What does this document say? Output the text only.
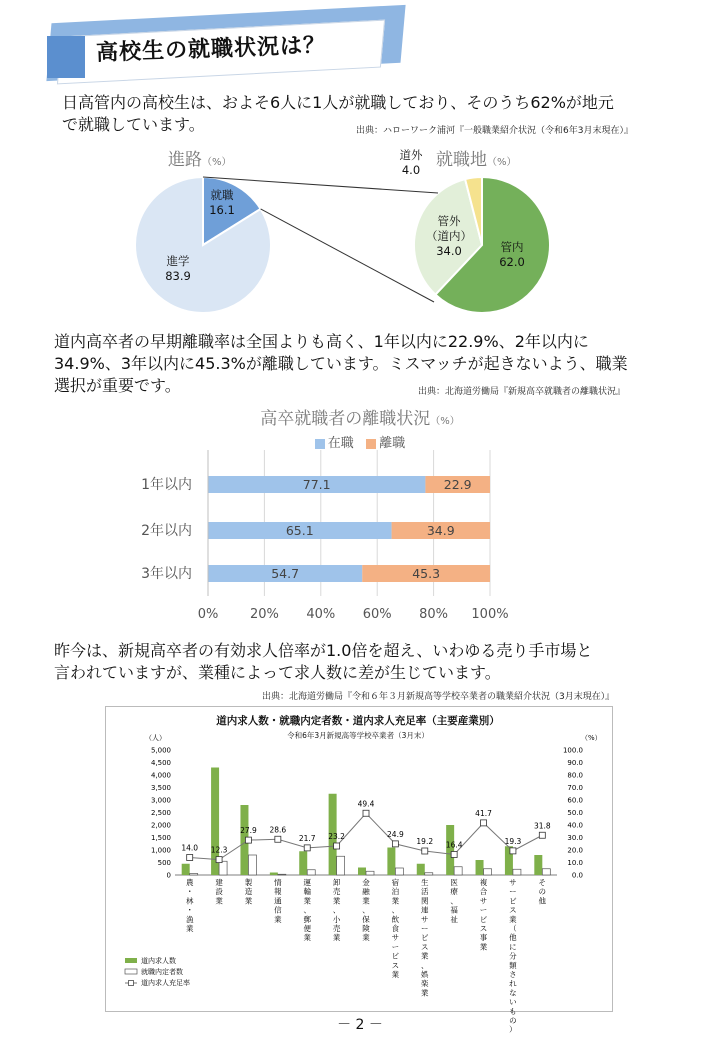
高校生の就職状況は？
日高管内の高校生は、およそ6人に1人が就職しており、そのうち62%が地元
で就職しています。	出典：ハローワーク浦河『一般職業紹介状況（令和6年3月末現在）』
進路（%）	就職地（%）
就職
16.1
進学
83.9
管内
62.0
管外
（道内）
34.0
道外
4.0
道内高卒者の早期離職率は全国よりも高く、1年以内に22.9%、2年以内に
34.9%、3年以内に45.3%が離職しています。ミスマッチが起きないよう、職業
選択が重要です。	出典：北海道労働局『新規高卒就職者の離職状況』
高卒就職者の離職状況（%）
在職 離職
0% 20% 40% 60% 80% 100%
1年以内	77.1	22.9
2年以内	65.1	34.9
3年以内	54.7	45.3
昨今は、新規高卒者の有効求人倍率が1.0倍を超え、いわゆる売り手市場と
言われていますが、業種によって求人数に差が生じています。
出典：北海道労働局『令和６年３月新規高等学校卒業者の職業紹介状況（3月末現在）』
道内求人数・就職内定者数・道内求人充足率（主要産業別）
令和6年3月新規高等学校卒業者（3月末）
（人）	（%）
5,000
4,500
4,000
3,500
3,000
2,500
2,000
1,500
1,000
500
0
100.0
90.0
80.0
70.0
60.0
50.0
40.0
30.0
20.0
10.0
0.0
農
・
林
・
漁
業
建
設
業
製
造
業
情
報
通
信
業
運
輸
業
、
郵
便
業
卸
売
業
、
小
売
業
金
融
業
、
保
険
業
宿
泊
業
、
飲
食
サ
ー
ビ
ス
業
生
活
関
連
サ
ー
ビ
ス
業
、
娯
楽
業
医
療
、
福
祉
複
合
サ
ー
ビ
ス
事
業
サ
ー
ビ
ス
業
（
他
に
分
類
さ
れ
な
い
も
の
）
そ
の
他
14.0 12.3
27.9 28.6
21.7 23.2
49.4
24.9
19.2 16.4
41.7
19.3
31.8
道内求人数
就職内定者数
道内求人充足率
－ 2 －
